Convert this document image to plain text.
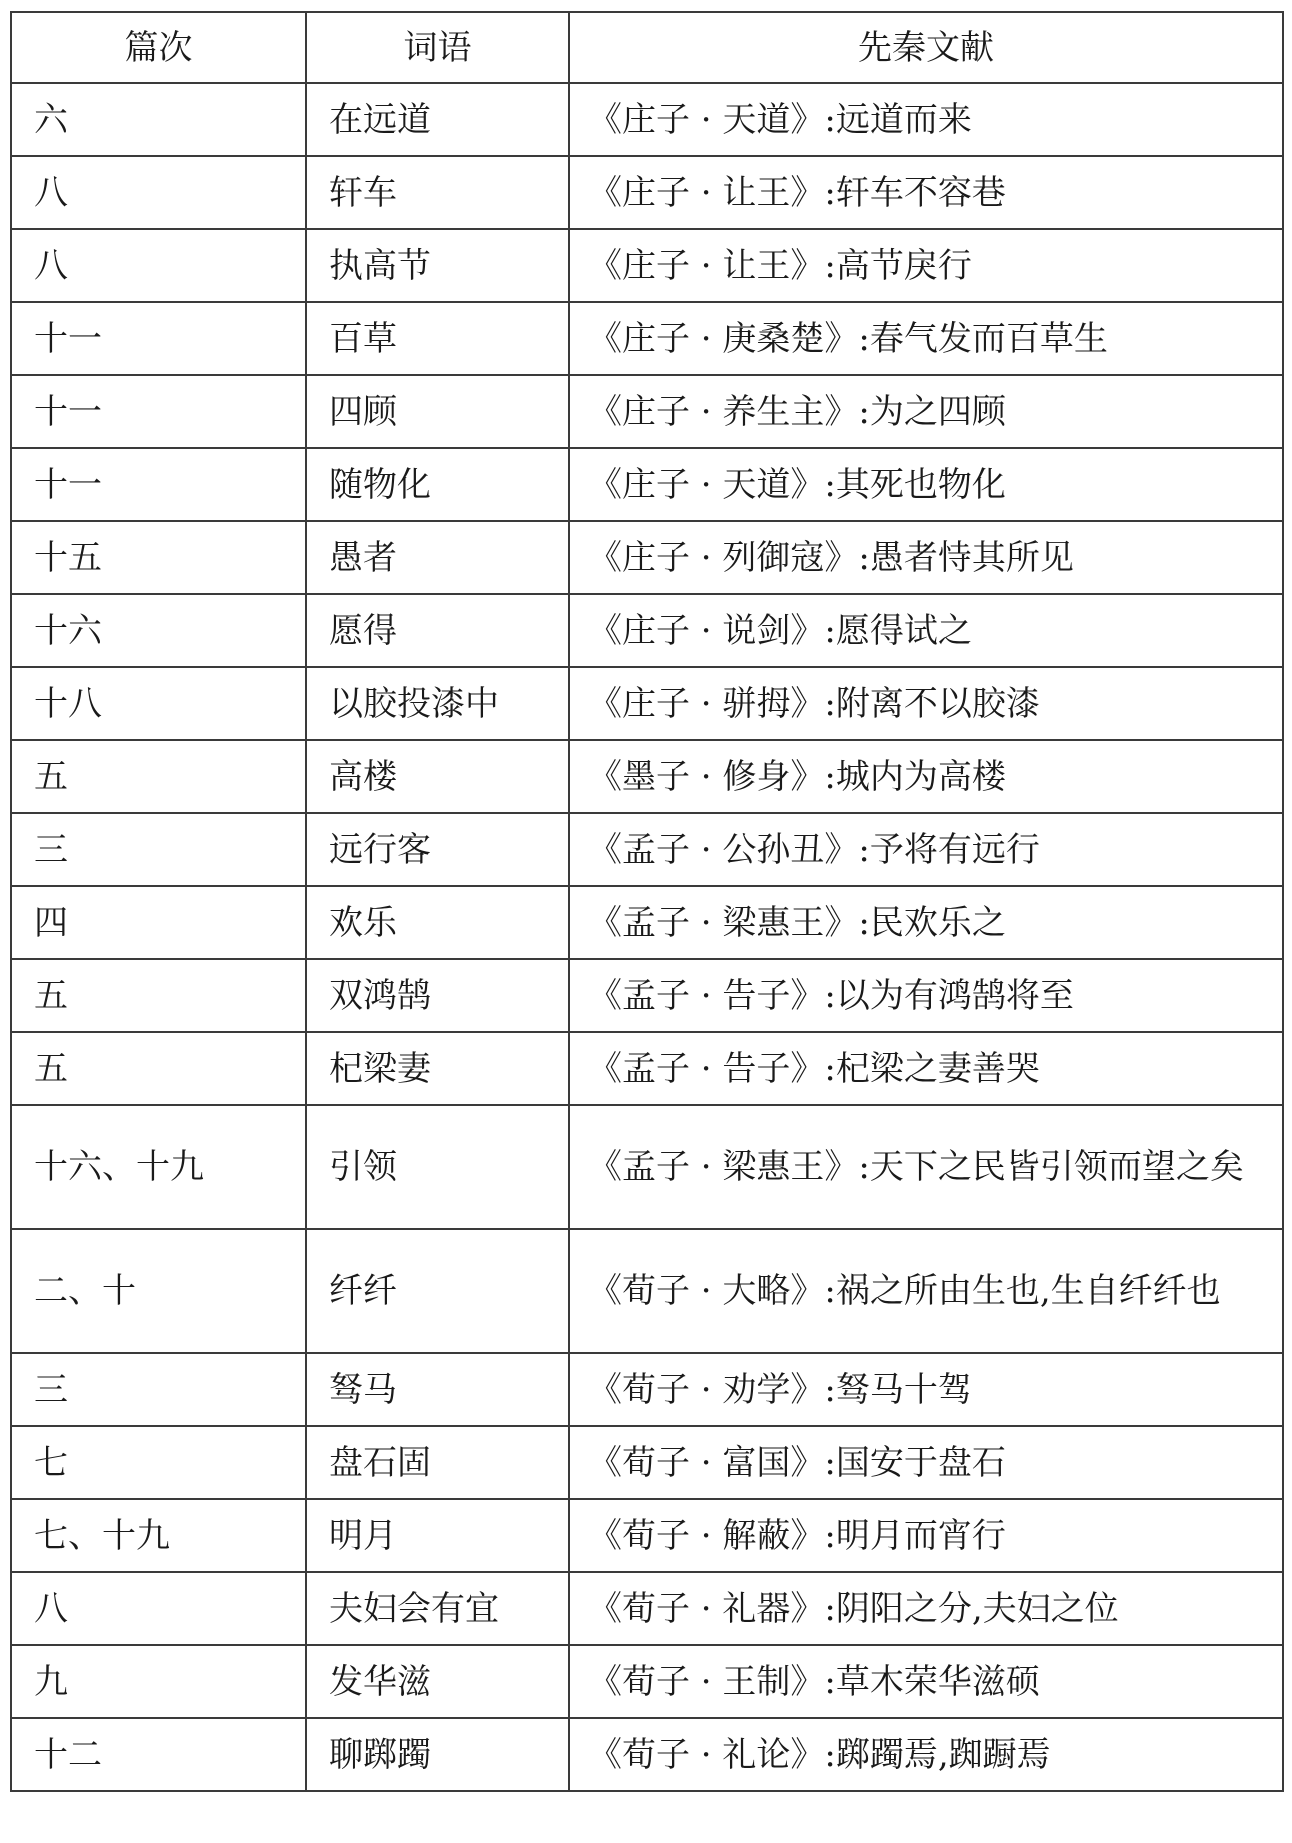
篇次	词语	先秦文献
六	在远道	《庄子 · 天道》:远道而来
八	轩车	《庄子 · 让王》:轩车不容巷
八	执高节	《庄子 · 让王》:高节戾行
十一	百草	《庄子 · 庚桑楚》:春气发而百草生
十一	四顾	《庄子 · 养生主》:为之四顾
十一	随物化	《庄子 · 天道》:其死也物化
十五	愚者	《庄子 · 列御寇》:愚者恃其所见
十六	愿得	《庄子 · 说剑》:愿得试之
十八	以胶投漆中	《庄子 · 骈拇》:附离不以胶漆
五	高楼	《墨子 · 修身》:城内为高楼
三	远行客	《孟子 · 公孙丑》:予将有远行
四	欢乐	《孟子 · 梁惠王》:民欢乐之
五	双鸿鹄	《孟子 · 告子》:以为有鸿鹄将至
五	杞梁妻	《孟子 · 告子》:杞梁之妻善哭
十六、十九	引领	《孟子 · 梁惠王》:天下之民皆引领而望之矣
二、十	纤纤	《荀子 · 大略》:祸之所由生也,生自纤纤也
三	驽马	《荀子 · 劝学》:驽马十驾
七	盘石固	《荀子 · 富国》:国安于盘石
七、十九	明月	《荀子 · 解蔽》:明月而宵行
八	夫妇会有宜	《荀子 · 礼器》:阴阳之分,夫妇之位
九	发华滋	《荀子 · 王制》:草木荣华滋硕
十二	聊踯躅	《荀子 · 礼论》:踯躅焉,踟蹰焉
